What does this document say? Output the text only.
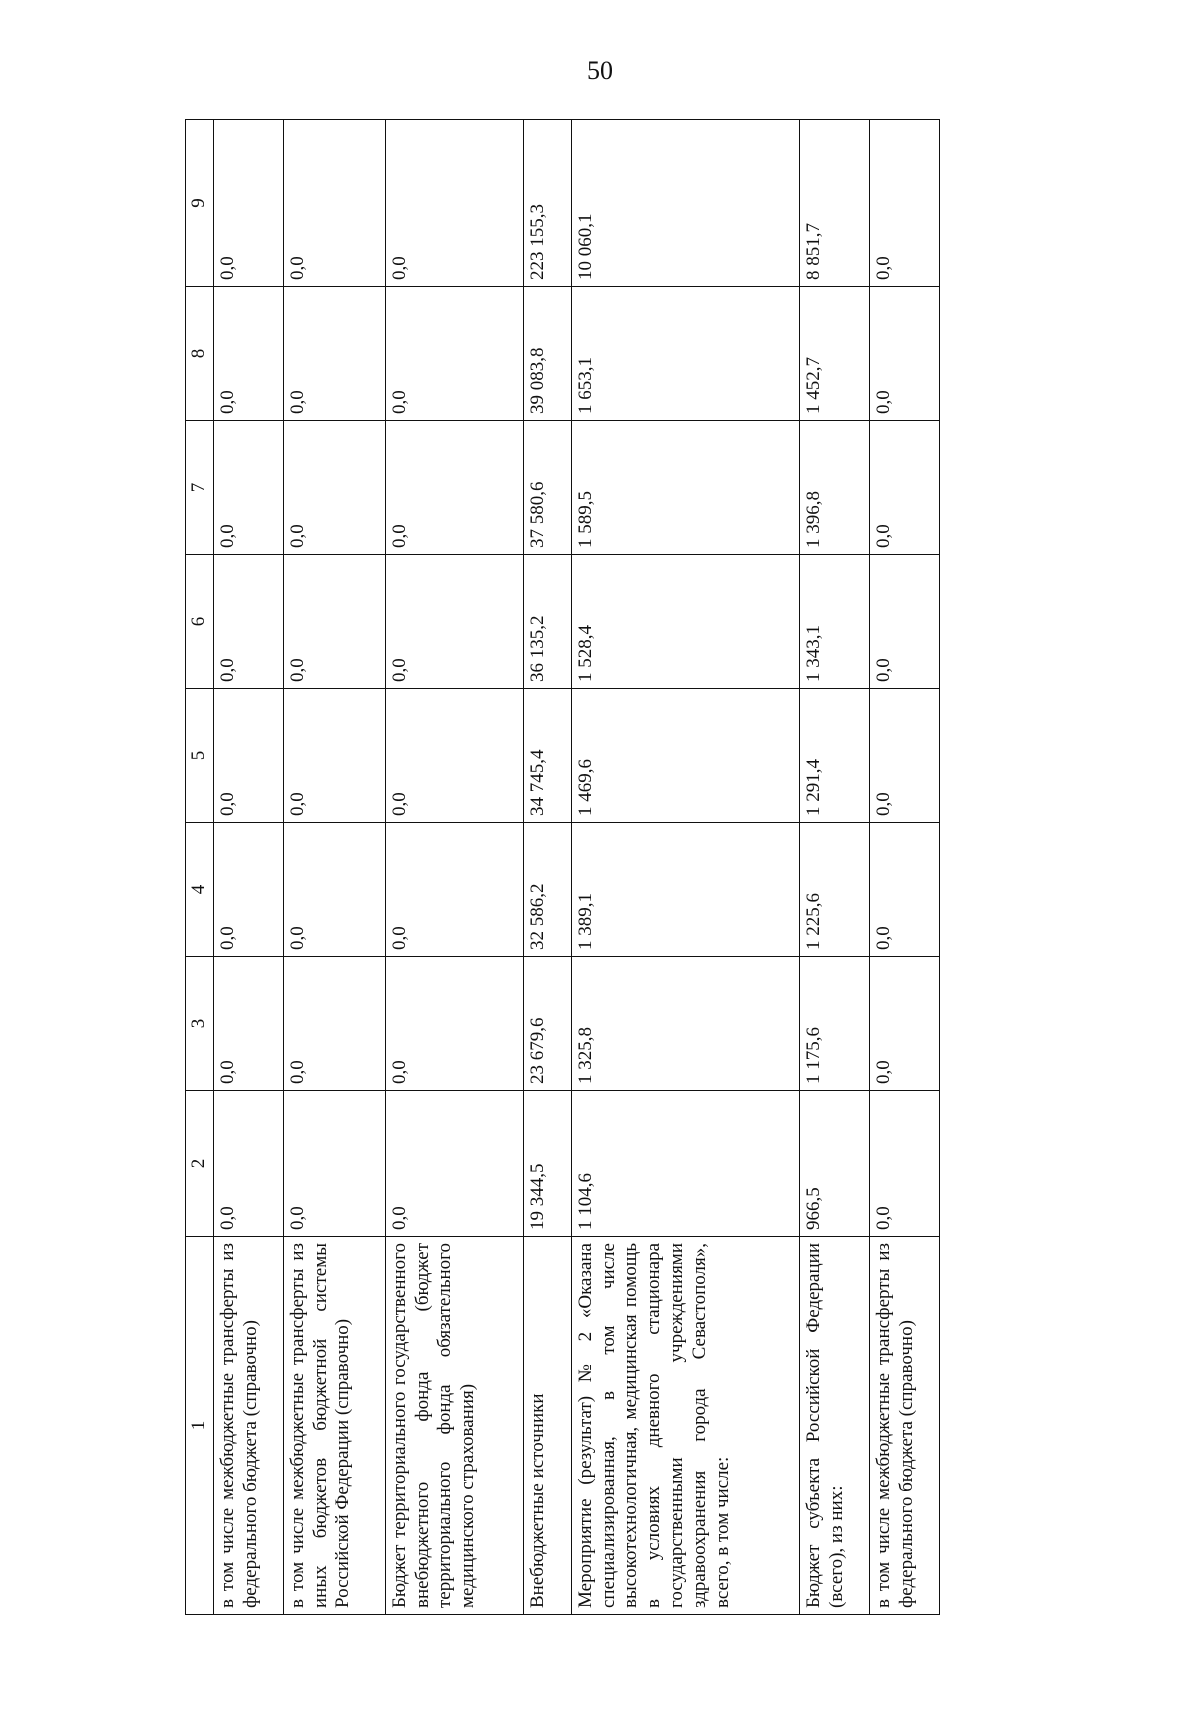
50
1	2	3	4	5	6	7	8	9
в том числе межбюджетные трансферты из федерального бюджета (справочно)	0,0	0,0	0,0	0,0	0,0	0,0	0,0	0,0
в том числе межбюджетные трансферты из иных бюджетов бюджетной системы Российской Федерации (справочно)	0,0	0,0	0,0	0,0	0,0	0,0	0,0	0,0
Бюджет территориального государственного внебюджетного фонда (бюджет территориального фонда обязательного медицинского страхования)	0,0	0,0	0,0	0,0	0,0	0,0	0,0	0,0
Внебюджетные источники	19 344,5	23 679,6	32 586,2	34 745,4	36 135,2	37 580,6	39 083,8	223 155,3
Мероприятие (результат) № 2 «Оказана специализированная, в том числе высокотехнологичная, медицинская помощь в условиях дневного стационара государственными учреждениями здравоохранения города Севастополя», всего, в том числе:	1 104,6	1 325,8	1 389,1	1 469,6	1 528,4	1 589,5	1 653,1	10 060,1
Бюджет субъекта Российской Федерации (всего), из них:	966,5	1 175,6	1 225,6	1 291,4	1 343,1	1 396,8	1 452,7	8 851,7
в том числе межбюджетные трансферты из федерального бюджета (справочно)	0,0	0,0	0,0	0,0	0,0	0,0	0,0	0,0
